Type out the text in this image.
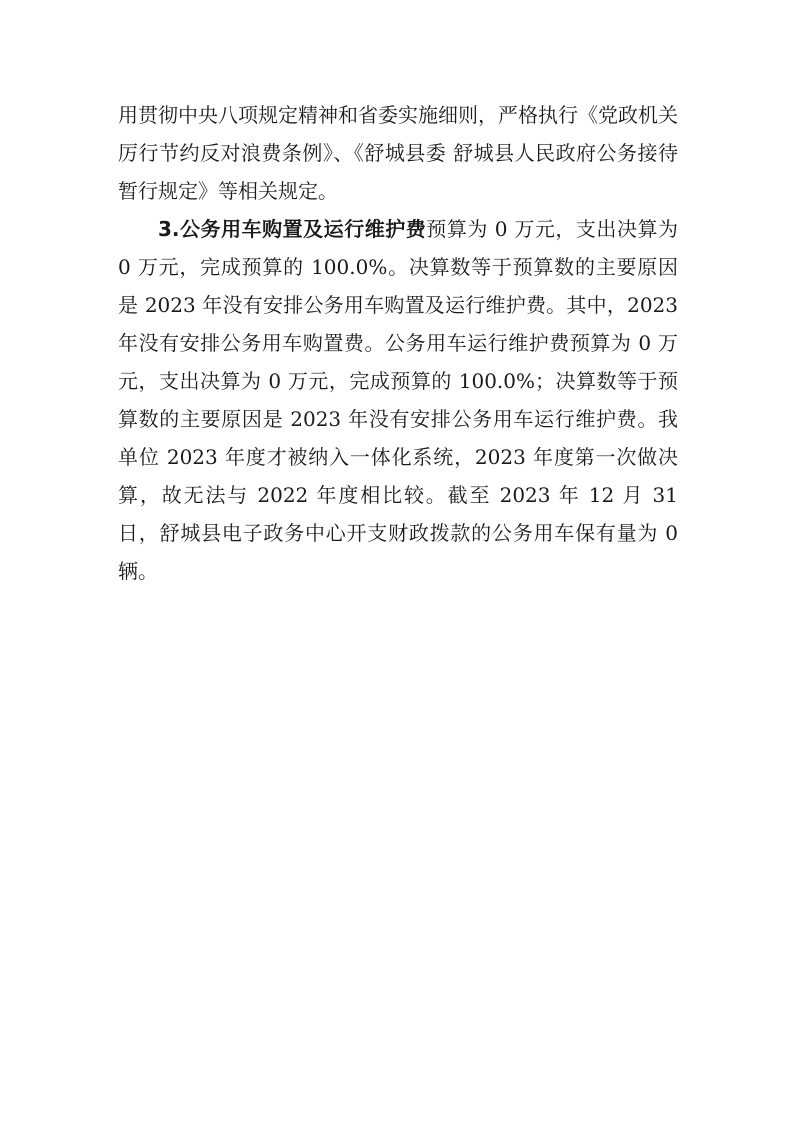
用贯彻中央八项规定精神和省委实施细则，严格执行《党政机关厉行节约反对浪费条例》、《舒城县委 舒城县人民政府公务接待暂行规定》等相关规定。

3.公务用车购置及运行维护费预算为 0 万元，支出决算为 0 万元，完成预算的 100.0%。决算数等于预算数的主要原因是 2023 年没有安排公务用车购置及运行维护费。其中，2023 年没有安排公务用车购置费。公务用车运行维护费预算为 0 万元，支出决算为 0 万元，完成预算的 100.0%；决算数等于预算数的主要原因是 2023 年没有安排公务用车运行维护费。我单位 2023 年度才被纳入一体化系统，2023 年度第一次做决算，故无法与 2022 年度相比较。截至 2023 年 12 月 31 日，舒城县电子政务中心开支财政拨款的公务用车保有量为 0 辆。
